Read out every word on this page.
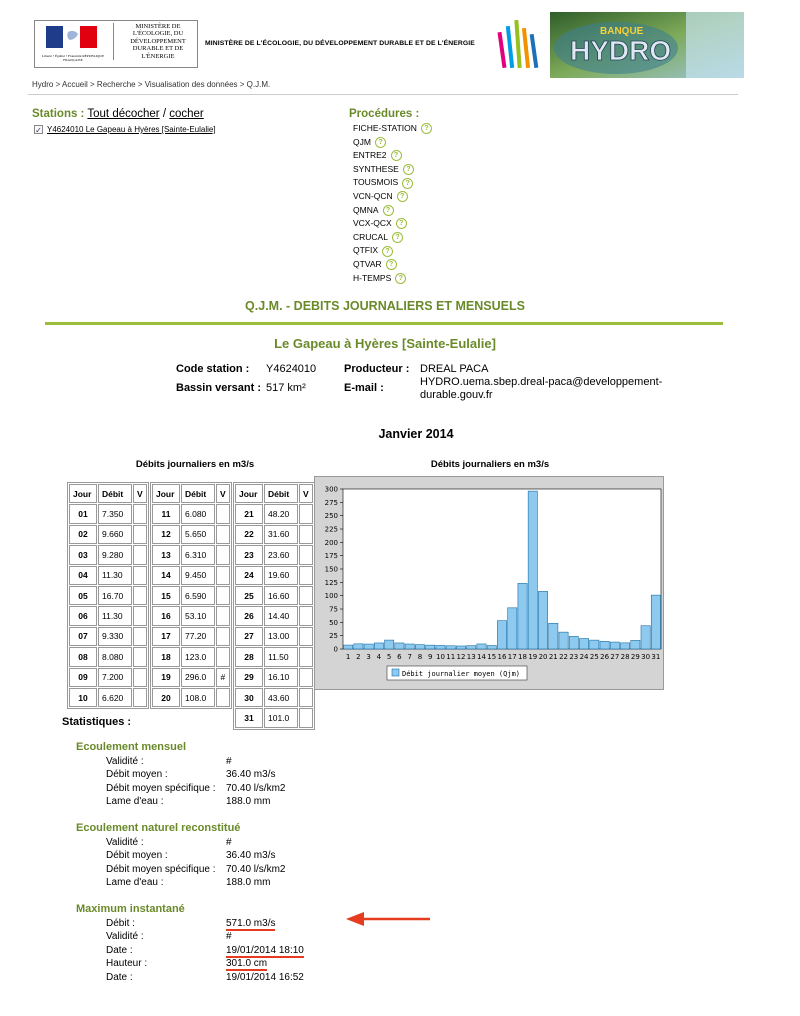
Liberté • Égalité • Fraternité RÉPUBLIQUE FRANÇAISE
MINISTÈRE DE L'ÉCOLOGIE, DU DÉVELOPPEMENT DURABLE ET DE L'ÉNERGIE
MINISTÈRE DE L'ÉCOLOGIE, DU DÉVELOPPEMENT DURABLE ET DE L'ÉNERGIE
BANQUE
HYDRO
Hydro > Accueil > Recherche > Visualisation des données > Q.J.M.
Stations : Tout décocher / cocher
✓ Y4624010 Le Gapeau à Hyères [Sainte-Eulalie]
Procédures :
FICHE-STATION	?
QJM	?
ENTRE2	?
SYNTHESE	?
TOUSMOIS	?
VCN-QCN	?
QMNA	?
VCX-QCX	?
CRUCAL	?
QTFIX	?
QTVAR	?
H-TEMPS	?
Q.J.M. - DEBITS JOURNALIERS ET MENSUELS
Le Gapeau à Hyères [Sainte-Eulalie]
Code station : Y4624010
Bassin versant : 517 km²
Producteur : DREAL PACA
E-mail :	HYDRO.uema.sbep.dreal-paca@developpement-
durable.gouv.fr
Janvier 2014
Débits journaliers en m3/s	Débits journaliers en m3/s
Jour	Débit	V
01	7.350	
02	9.660	
03	9.280	
04	11.30	
05	16.70	
06	11.30	
07	9.330	
08	8.080	
09	7.200	
10	6.620	
Jour	Débit	V
11	6.080	
12	5.650	
13	6.310	
14	9.450	
15	6.590	
16	53.10	
17	77.20	
18	123.0	
19	296.0	#
20	108.0	
Jour	Débit	V
21	48.20	
22	31.60	
23	23.60	
24	19.60	
25	16.60	
26	14.40	
27	13.00	
28	11.50	
29	16.10	
30	43.60	
31	101.0	
0
25
50
75
100
125
150
175
200
225
250
275
300
1 2 3 4 5 6 7 8 9 10 11 12 13 14 15 16 17 18 19 20 21 22 23 24 25 26 27 28 29 30 31
Débit journalier moyen (Qjm)
Statistiques :
Ecoulement mensuel
Validité :	#
Débit moyen :	36.40 m3/s
Débit moyen spécifique : 70.40 l/s/km2
Lame d'eau :	188.0 mm
Ecoulement naturel reconstitué
Validité :	#
Débit moyen :	36.40 m3/s
Débit moyen spécifique : 70.40 l/s/km2
Lame d'eau :	188.0 mm
Maximum instantané
Débit :	571.0 m3/s
Validité :	#
Date :	19/01/2014 18:10
Hauteur :	301.0 cm
Date :	19/01/2014 16:52
